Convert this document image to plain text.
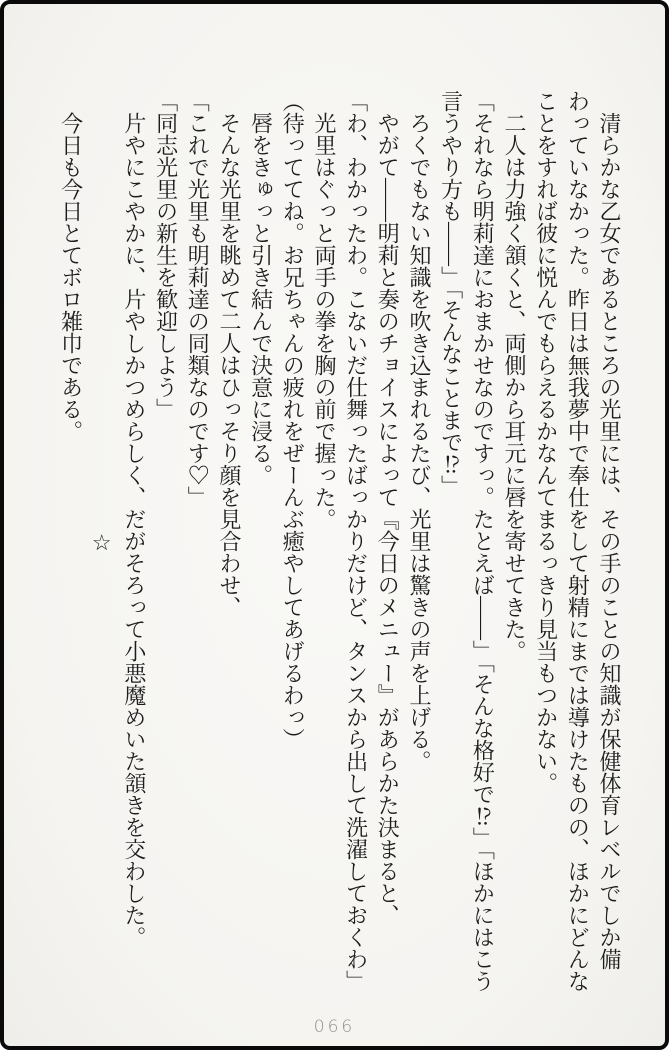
清らかな乙女であるところの光里には、その手のことの知識が保健体育レベルでしか備わっていなかった。昨日は無我夢中で奉仕をして射精にまでは導けたものの、ほかにどんなことをすれば彼に悦んでもらえるかなんてまるっきり見当もつかない。

二人は力強く頷くと、両側から耳元に唇を寄せてきた。

「それなら明莉達におまかせなのですっ。たとえば――」「そんな格好で⁉」「ほかにはこう言うやり方も――」「そんなことまで⁉」

ろくでもない知識を吹き込まれるたび、光里は驚きの声を上げる。

やがて――明莉と奏のチョイスによって『今日のメニュー』があらかた決まると、

「わ、わかったわ。こないだ仕舞ったばっかりだけど、タンスから出して洗濯しておくわ」

光里はぐっと両手の拳を胸の前で握った。

（待っててね。お兄ちゃんの疲れをぜーんぶ癒やしてあげるわっ）

唇をきゅっと引き結んで決意に浸る。

そんな光里を眺めて二人はひっそり顔を見合わせ、

「これで光里も明莉達の同類なのです♡」

「同志光里の新生を歓迎しよう」

片やにこやかに、片やしかつめらしく、だがそろって小悪魔めいた頷きを交わした。

☆

今日も今日とてボロ雑巾である。

066
